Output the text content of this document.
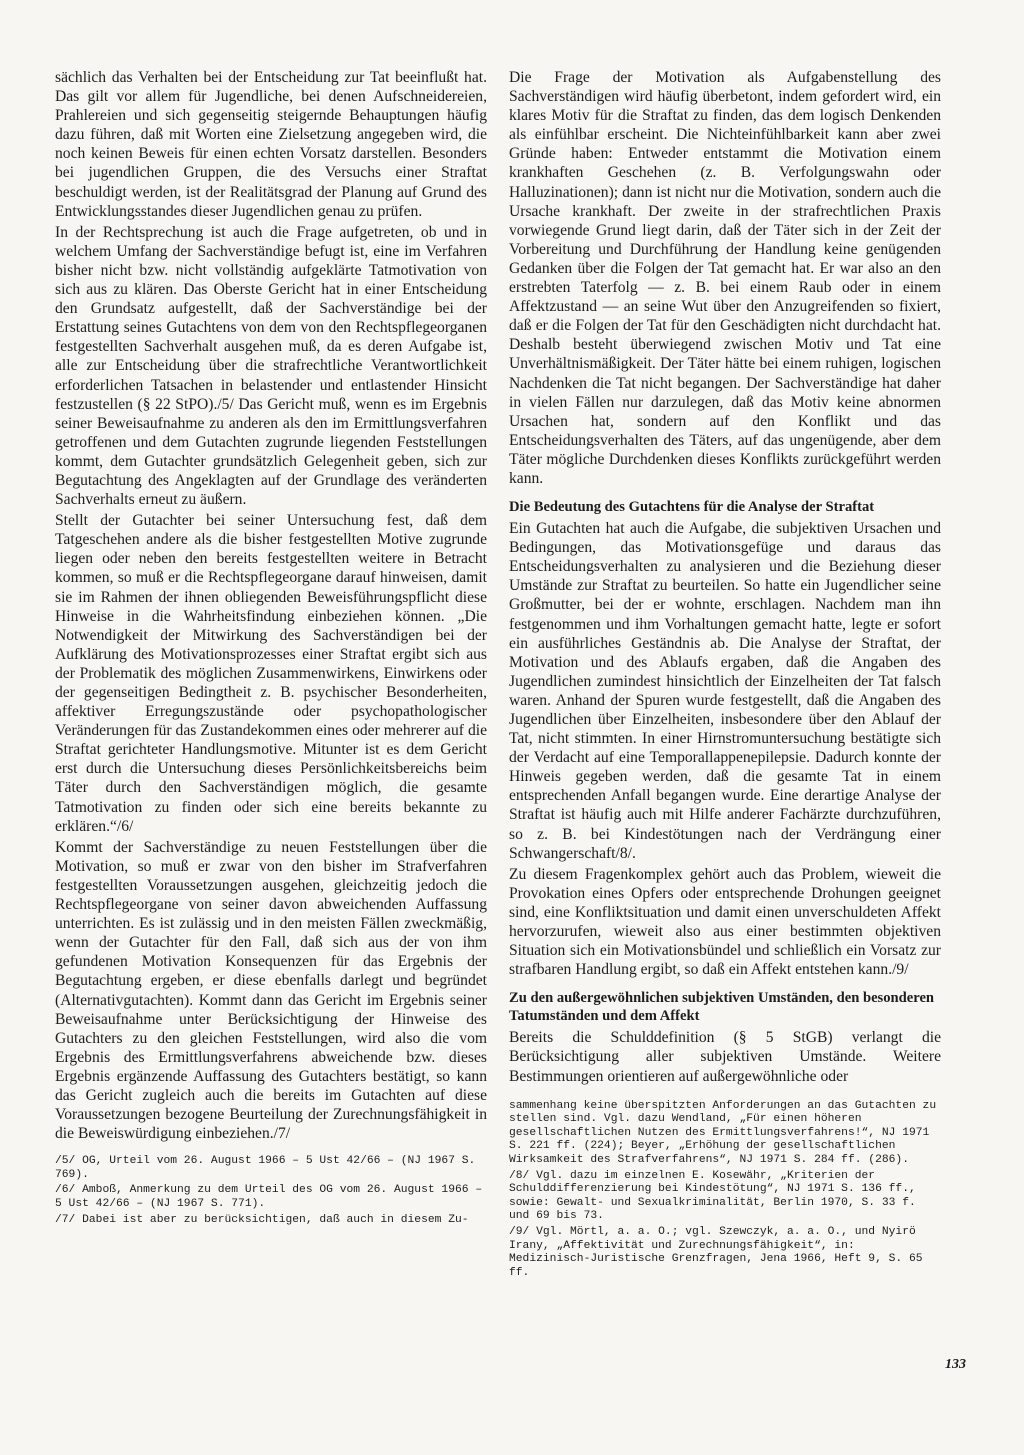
sächlich das Verhalten bei der Entscheidung zur Tat beeinflußt hat. Das gilt vor allem für Jugendliche, bei denen Aufschneidereien, Prahlereien und sich gegenseitig steigernde Behauptungen häufig dazu führen, daß mit Worten eine Zielsetzung angegeben wird, die noch keinen Beweis für einen echten Vorsatz darstellen. Besonders bei jugendlichen Gruppen, die des Versuchs einer Straftat beschuldigt werden, ist der Realitätsgrad der Planung auf Grund des Entwicklungsstandes dieser Jugendlichen genau zu prüfen.

In der Rechtsprechung ist auch die Frage aufgetreten, ob und in welchem Umfang der Sachverständige befugt ist, eine im Verfahren bisher nicht bzw. nicht vollständig aufgeklärte Tatmotivation von sich aus zu klären. Das Oberste Gericht hat in einer Entscheidung den Grundsatz aufgestellt, daß der Sachverständige bei der Erstattung seines Gutachtens von dem von den Rechtspflegeorganen festgestellten Sachverhalt ausgehen muß, da es deren Aufgabe ist, alle zur Entscheidung über die strafrechtliche Verantwortlichkeit erforderlichen Tatsachen in belastender und entlastender Hinsicht festzustellen (§ 22 StPO)./5/ Das Gericht muß, wenn es im Ergebnis seiner Beweisaufnahme zu anderen als den im Ermittlungsverfahren getroffenen und dem Gutachten zugrunde liegenden Feststellungen kommt, dem Gutachter grundsätzlich Gelegenheit geben, sich zur Begutachtung des Angeklagten auf der Grundlage des veränderten Sachverhalts erneut zu äußern.

Stellt der Gutachter bei seiner Untersuchung fest, daß dem Tatgeschehen andere als die bisher festgestellten Motive zugrunde liegen oder neben den bereits festgestellten weitere in Betracht kommen, so muß er die Rechtspflegeorgane darauf hinweisen, damit sie im Rahmen der ihnen obliegenden Beweisführungspflicht diese Hinweise in die Wahrheitsfindung einbeziehen können. „Die Notwendigkeit der Mitwirkung des Sachverständigen bei der Aufklärung des Motivationsprozesses einer Straftat ergibt sich aus der Problematik des möglichen Zusammenwirkens, Einwirkens oder der gegenseitigen Bedingtheit z. B. psychischer Besonderheiten, affektiver Erregungszustände oder psychopathologischer Veränderungen für das Zustandekommen eines oder mehrerer auf die Straftat gerichteter Handlungsmotive. Mitunter ist es dem Gericht erst durch die Untersuchung dieses Persönlichkeitsbereichs beim Täter durch den Sachverständigen möglich, die gesamte Tatmotivation zu finden oder sich eine bereits bekannte zu erklären.“/6/

Kommt der Sachverständige zu neuen Feststellungen über die Motivation, so muß er zwar von den bisher im Strafverfahren festgestellten Voraussetzungen ausgehen, gleichzeitig jedoch die Rechtspflegeorgane von seiner davon abweichenden Auffassung unterrichten. Es ist zulässig und in den meisten Fällen zweckmäßig, wenn der Gutachter für den Fall, daß sich aus der von ihm gefundenen Motivation Konsequenzen für das Ergebnis der Begutachtung ergeben, er diese ebenfalls darlegt und begründet (Alternativgutachten). Kommt dann das Gericht im Ergebnis seiner Beweisaufnahme unter Berücksichtigung der Hinweise des Gutachters zu den gleichen Feststellungen, wird also die vom Ergebnis des Ermittlungsverfahrens abweichende bzw. dieses Ergebnis ergänzende Auffassung des Gutachters bestätigt, so kann das Gericht zugleich auch die bereits im Gutachten auf diese Voraussetzungen bezogene Beurteilung der Zurechnungsfähigkeit in die Beweiswürdigung einbeziehen./7/

/5/ OG, Urteil vom 26. August 1966 – 5 Ust 42/66 – (NJ 1967 S. 769).

/6/ Amboß, Anmerkung zu dem Urteil des OG vom 26. August 1966 – 5 Ust 42/66 – (NJ 1967 S. 771).

/7/ Dabei ist aber zu berücksichtigen, daß auch in diesem Zu-

Die Frage der Motivation als Aufgabenstellung des Sachverständigen wird häufig überbetont, indem gefordert wird, ein klares Motiv für die Straftat zu finden, das dem logisch Denkenden als einfühlbar erscheint. Die Nichteinfühlbarkeit kann aber zwei Gründe haben: Entweder entstammt die Motivation einem krankhaften Geschehen (z. B. Verfolgungswahn oder Halluzinationen); dann ist nicht nur die Motivation, sondern auch die Ursache krankhaft. Der zweite in der strafrechtlichen Praxis vorwiegende Grund liegt darin, daß der Täter sich in der Zeit der Vorbereitung und Durchführung der Handlung keine genügenden Gedanken über die Folgen der Tat gemacht hat. Er war also an den erstrebten Taterfolg — z. B. bei einem Raub oder in einem Affektzustand — an seine Wut über den Anzugreifenden so fixiert, daß er die Folgen der Tat für den Geschädigten nicht durchdacht hat. Deshalb besteht überwiegend zwischen Motiv und Tat eine Unverhältnismäßigkeit. Der Täter hätte bei einem ruhigen, logischen Nachdenken die Tat nicht begangen. Der Sachverständige hat daher in vielen Fällen nur darzulegen, daß das Motiv keine abnormen Ursachen hat, sondern auf den Konflikt und das Entscheidungsverhalten des Täters, auf das ungenügende, aber dem Täter mögliche Durchdenken dieses Konflikts zurückgeführt werden kann.

Die Bedeutung des Gutachtens für die Analyse der Straftat

Ein Gutachten hat auch die Aufgabe, die subjektiven Ursachen und Bedingungen, das Motivationsgefüge und daraus das Entscheidungsverhalten zu analysieren und die Beziehung dieser Umstände zur Straftat zu beurteilen. So hatte ein Jugendlicher seine Großmutter, bei der er wohnte, erschlagen. Nachdem man ihn festgenommen und ihm Vorhaltungen gemacht hatte, legte er sofort ein ausführliches Geständnis ab. Die Analyse der Straftat, der Motivation und des Ablaufs ergaben, daß die Angaben des Jugendlichen zumindest hinsichtlich der Einzelheiten der Tat falsch waren. Anhand der Spuren wurde festgestellt, daß die Angaben des Jugendlichen über Einzelheiten, insbesondere über den Ablauf der Tat, nicht stimmten. In einer Hirnstromuntersuchung bestätigte sich der Verdacht auf eine Temporallappenepilepsie. Dadurch konnte der Hinweis gegeben werden, daß die gesamte Tat in einem entsprechenden Anfall begangen wurde. Eine derartige Analyse der Straftat ist häufig auch mit Hilfe anderer Fachärzte durchzuführen, so z. B. bei Kindestötungen nach der Verdrängung einer Schwangerschaft/8/.

Zu diesem Fragenkomplex gehört auch das Problem, wieweit die Provokation eines Opfers oder entsprechende Drohungen geeignet sind, eine Konfliktsituation und damit einen unverschuldeten Affekt hervorzurufen, wieweit also aus einer bestimmten objektiven Situation sich ein Motivationsbündel und schließlich ein Vorsatz zur strafbaren Handlung ergibt, so daß ein Affekt entstehen kann./9/

Zu den außergewöhnlichen subjektiven Umständen, den besonderen Tatumständen und dem Affekt

Bereits die Schulddefinition (§ 5 StGB) verlangt die Berücksichtigung aller subjektiven Umstände. Weitere Bestimmungen orientieren auf außergewöhnliche oder

sammenhang keine überspitzten Anforderungen an das Gutachten zu stellen sind. Vgl. dazu Wendland, „Für einen höheren gesellschaftlichen Nutzen des Ermittlungsverfahrens!“, NJ 1971 S. 221 ff. (224); Beyer, „Erhöhung der gesellschaftlichen Wirksamkeit des Strafverfahrens“, NJ 1971 S. 284 ff. (286).

/8/ Vgl. dazu im einzelnen E. Kosewähr, „Kriterien der Schulddifferenzierung bei Kindestötung“, NJ 1971 S. 136 ff., sowie: Gewalt- und Sexualkriminalität, Berlin 1970, S. 33 f. und 69 bis 73.

/9/ Vgl. Mörtl, a. a. O.; vgl. Szewczyk, a. a. O., und Nyirö Irany, „Affektivität und Zurechnungsfähigkeit“, in: Medizinisch-Juristische Grenzfragen, Jena 1966, Heft 9, S. 65 ff.

133
